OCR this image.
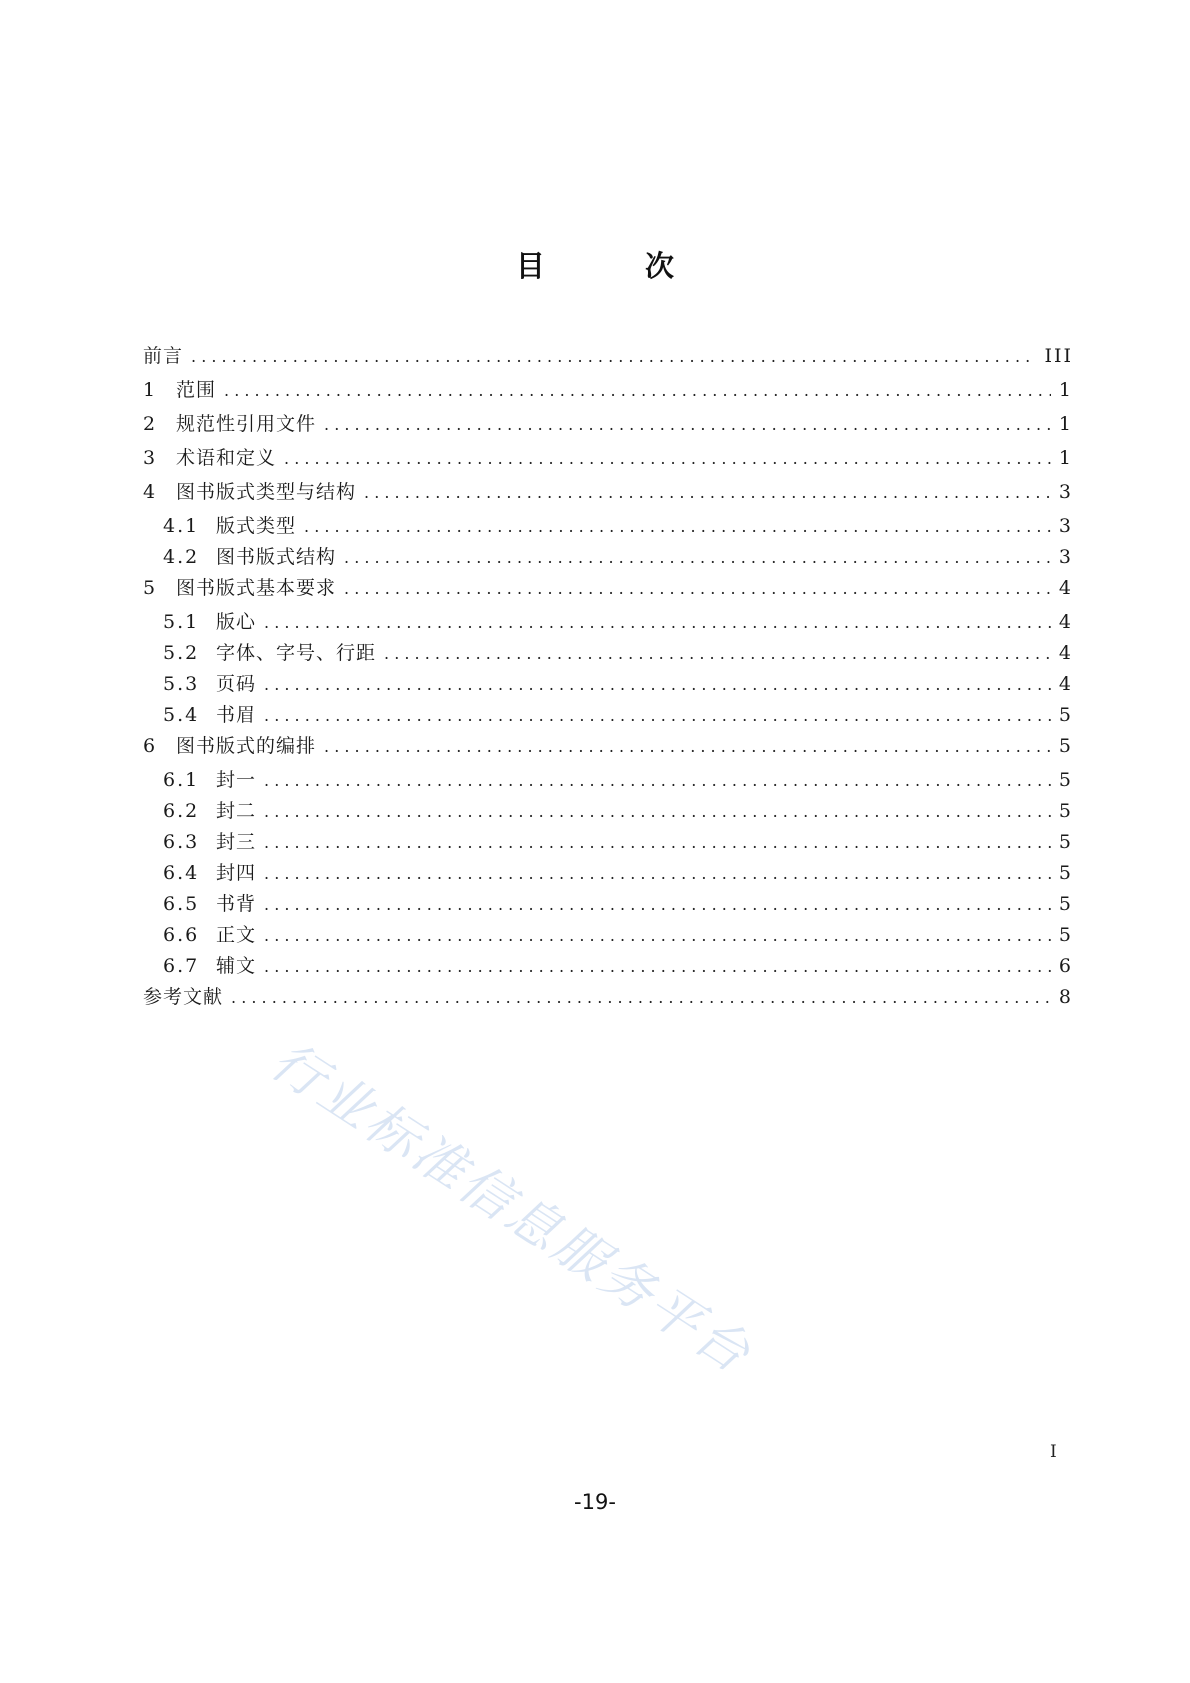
目	次
前言 . . .	III
1 范围 . . .	1
2 规范性引用文件 . . .	1
3 术语和定义 . . .	1
4 图书版式类型与结构 . . .	3
4.1 版式类型 . . .	3
4.2 图书版式结构 . . .	3
5 图书版式基本要求 . . .	4
5.1 版心 . . .	4
5.2 字体、字号、行距 . . .	4
5.3 页码 . . .	4
5.4 书眉 . . .	5
6 图书版式的编排 . . .	5
6.1 封一 . . .	5
6.2 封二 . . .	5
6.3 封三 . . .	5
6.4 封四 . . .	5
6.5 书背 . . .	5
6.6 正文 . . .	5
6.7 辅文 . . .	6
参考文献 . . .	8
行业标准信息服务平台
I
-19-
